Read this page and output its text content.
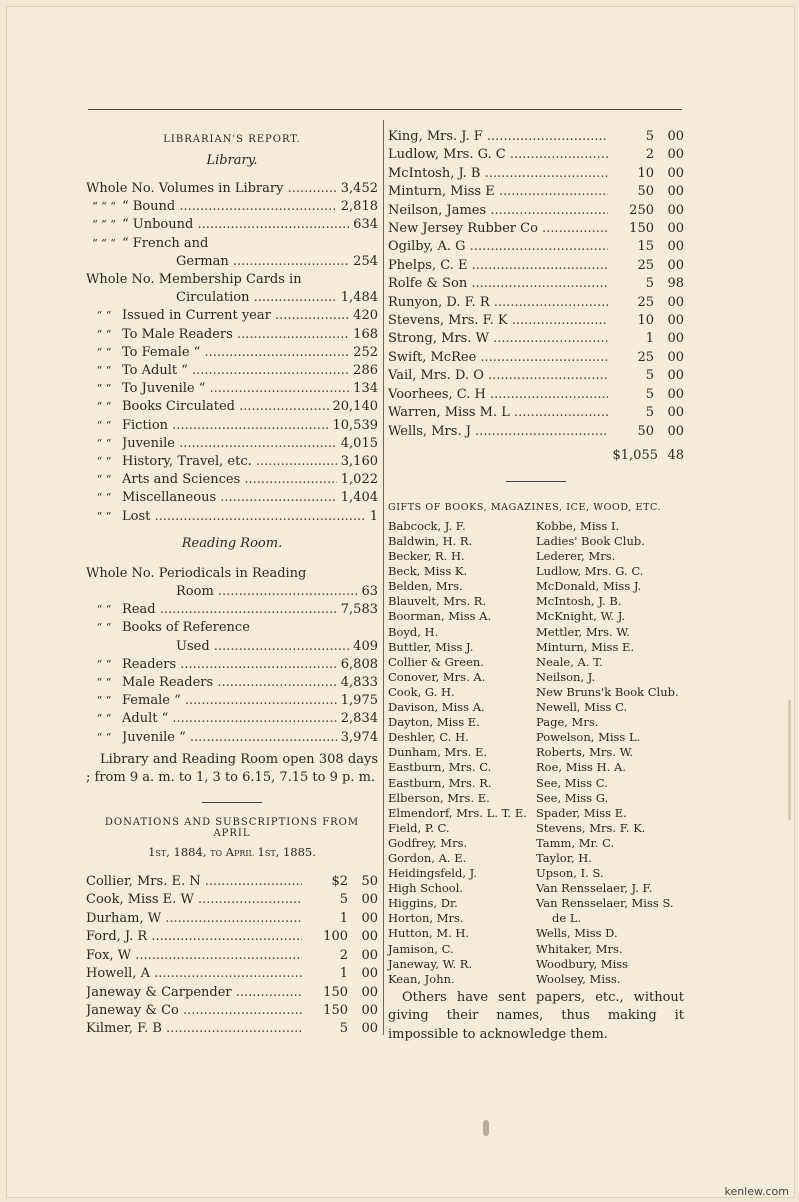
LIBRARIAN'S REPORT.

Library.

Whole No. Volumes in Library .....	3,452
“ “ “ “ Bound .....	2,818
“ “ “ “ Unbound .....	634
“ “ “ “ French and
German .....	254
Whole No. Membership Cards in
Circulation .....	1,484
“ “ Issued in Current year .....	420
“ “ To Male Readers .....	168
“ “ To Female “ .....	252
“ “ To Adult “ .....	286
“ “ To Juvenile “ .....	134
“ “ Books Circulated .....	20,140
“ “ Fiction .....	10,539
“ “ Juvenile .....	4,015
“ “ History, Travel, etc. .....	3,160
“ “ Arts and Sciences .....	1,022
“ “ Miscellaneous .....	1,404
“ “ Lost .....	1

Reading Room.

Whole No. Periodicals in Reading
Room .....	63
“ “ Read .....	7,583
“ “ Books of Reference
Used .....	409
“ “ Readers .....	6,808
“ “ Male Readers .....	4,833
“ “ Female “ .....	1,975
“ “ Adult “ .....	2,834
“ “ Juvenile “ .....	3,974
Library and Reading Room open 308 days ; from 9 a. m. to 1, 3 to 6.15, 7.15 to 9 p. m.
DONATIONS AND SUBSCRIPTIONS FROM APRIL
1st, 1884, to April 1st, 1885.
Collier, Mrs. E. N .....	$2	50
Cook, Miss E. W .....	5	00
Durham, W .....	1	00
Ford, J. R .....	100	00
Fox, W .....	2	00
Howell, A .....	1	00
Janeway & Carpender .....	150	00
Janeway & Co .....	150	00
Kilmer, F. B .....	5	00
King, Mrs. J. F .....	5	00
Ludlow, Mrs. G. C .....	2	00
McIntosh, J. B .....	10	00
Minturn, Miss E .....	50	00
Neilson, James .....	250	00
New Jersey Rubber Co .....	150	00
Ogilby, A. G .....	15	00
Phelps, C. E .....	25	00
Rolfe & Son .....	5	98
Runyon, D. F. R .....	25	00
Stevens, Mrs. F. K .....	10	00
Strong, Mrs. W .....	1	00
Swift, McRee .....	25	00
Vail, Mrs. D. O .....	5	00
Voorhees, C. H .....	5	00
Warren, Miss M. L .....	5	00
Wells, Mrs. J .....	50	00
$1,055 48
GIFTS OF BOOKS, MAGAZINES, ICE, WOOD, ETC.
Babcock, J. F.	Kobbe, Miss I.
Baldwin, H. R.	Ladies' Book Club.
Becker, R. H.	Lederer, Mrs.
Beck, Miss K.	Ludlow, Mrs. G. C.
Belden, Mrs.	McDonald, Miss J.
Blauvelt, Mrs. R.	McIntosh, J. B.
Boorman, Miss A.	McKnight, W. J.
Boyd, H.	Mettler, Mrs. W.
Buttler, Miss J.	Minturn, Miss E.
Collier & Green.	Neale, A. T.
Conover, Mrs. A.	Neilson, J.
Cook, G. H.	New Bruns'k Book Club.
Davison, Miss A.	Newell, Miss C.
Dayton, Miss E.	Page, Mrs.
Deshler, C. H.	Powelson, Miss L.
Dunham, Mrs. E.	Roberts, Mrs. W.
Eastburn, Mrs. C.	Roe, Miss H. A.
Eastburn, Mrs. R.	See, Miss C.
Elberson, Mrs. E.	See, Miss G.
Elmendorf, Mrs. L. T. E. Spader, Miss E.
Field, P. C.	Stevens, Mrs. F. K.
Godfrey, Mrs.	Tamm, Mr. C.
Gordon, A. E.	Taylor, H.
Heidingsfeld, J.	Upson, I. S.
High School.	Van Rensselaer, J. F.
Higgins, Dr.	Van Rensselaer, Miss S.
Horton, Mrs.	de L.
Hutton, M. H.	Wells, Miss D.
Jamison, C.	Whitaker, Mrs.
Janeway, W. R.	Woodbury, Miss
Kean, John.	Woolsey, Miss.
Others have sent papers, etc., without giving their names, thus making it impossible to acknowledge them.
kenlew.com
